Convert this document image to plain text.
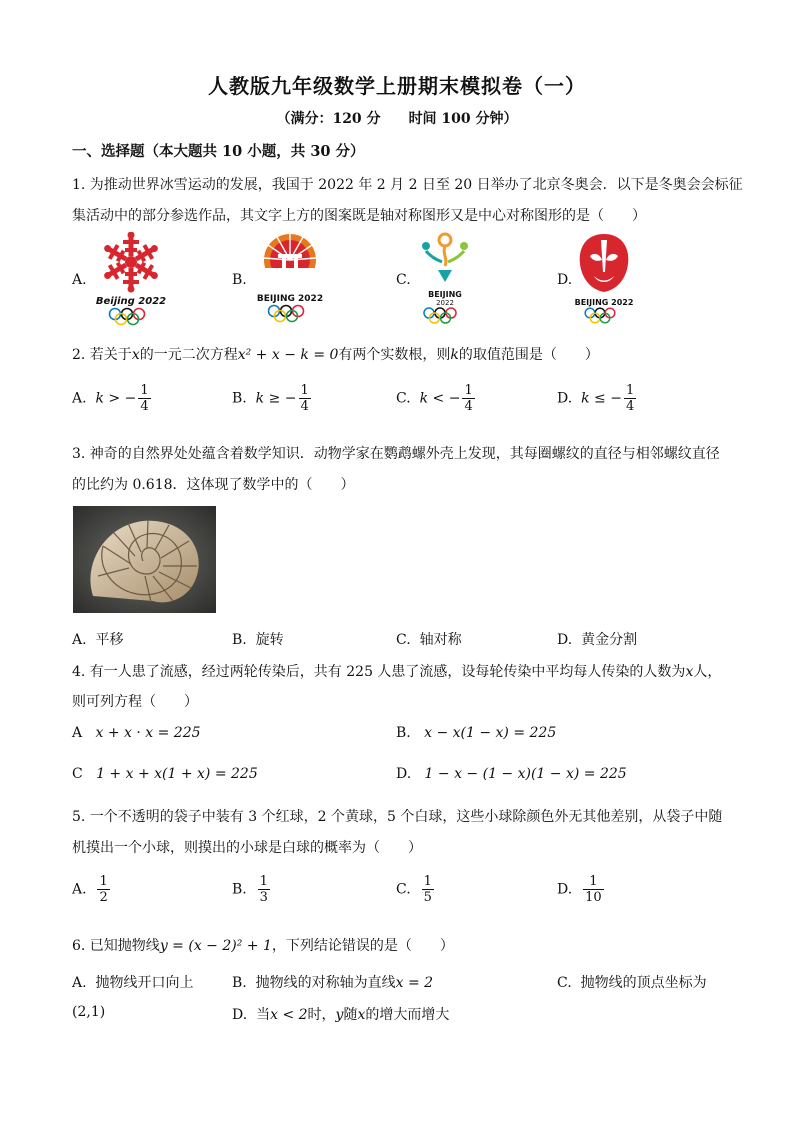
人教版九年级数学上册期末模拟卷（一）
（满分：120 分 时间 100 分钟）
一、选择题（本大题共 10 小题，共 30 分）
1. 为推动世界冰雪运动的发展，我国于 2022 年 2 月 2 日至 20 日举办了北京冬奥会．以下是冬奥会会标征
集活动中的部分参选作品，其文字上方的图案既是轴对称图形又是中心对称图形的是（　　）
A.
Beijing 2022
B.
BEIJING 2022
C.
BEIJING
2022
D.
BEIJING 2022
2. 若关于x的一元二次方程x² + x − k = 0有两个实数根，则k的取值范围是（　　）
A. k > − $\frac{1}{4}$	B. k ≥ − $\frac{1}{4}$	C. k < − $\frac{1}{4}$	D. k ≤ − $\frac{1}{4}$
3. 神奇的自然界处处蕴含着数学知识．动物学家在鹦鹉螺外壳上发现，其每圈螺纹的直径与相邻螺纹直径
的比约为 0.618．这体现了数学中的（　　）
A. 平移	B. 旋转	C. 轴对称	D. 黄金分割
4. 有一人患了流感，经过两轮传染后，共有 225 人患了流感，设每轮传染中平均每人传染的人数为x人，
则可列方程（　　）
A x + x · x = 225	B. x − x(1 − x) = 225
C 1 + x + x(1 + x) = 225	D. 1 − x − (1 − x)(1 − x) = 225
5. 一个不透明的袋子中装有 3 个红球，2 个黄球，5 个白球，这些小球除颜色外无其他差别，从袋子中随
机摸出一个小球，则摸出的小球是白球的概率为（　　）
A. $\frac{1}{2}$	B. $\frac{1}{3}$	C. $\frac{1}{5}$	D. $\frac{1}{10}$
6. 已知抛物线y = (x − 2)² + 1，下列结论错误的是（　　）
A. 抛物线开口向上	B. 抛物线的对称轴为直线x = 2	C. 抛物线的顶点坐标为
(2,1)	D. 当x < 2时，y随x的增大而增大
